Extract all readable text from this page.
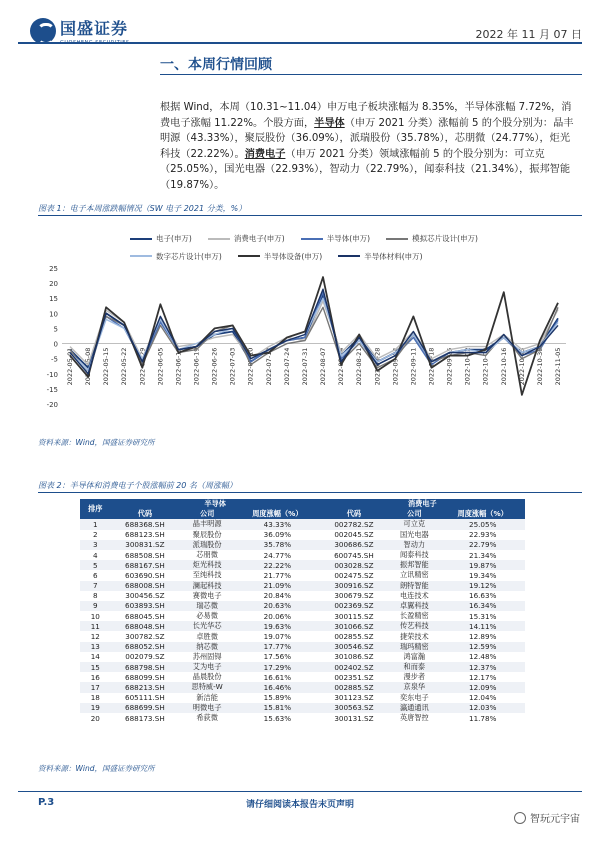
国盛证券	2022 年 11 月 07 日
一、本周行情回顾
根据 Wind，本周（10.31~11.04）申万电子板块涨幅为 8.35%，半导体涨幅 7.72%，消费电子涨幅 11.22%。个股方面，半导体（申万 2021 分类）涨幅前 5 的个股分别为：晶丰明源（43.33%），聚辰股份（36.09%），派瑞股份（35.78%），芯朋微（24.77%），炬光科技（22.22%）。消费电子（申万 2021 分类）领域涨幅前 5 的个股分别为：可立克（25.05%），国光电器（22.93%），智动力（22.79%），闻泰科技（21.34%），振邦智能（19.87%）。
图表 1：电子本周涨跌幅情况（SW 电子 2021 分类，%）
电子(申万)	消费电子(申万)	半导体(申万)	模拟芯片设计(申万)
数字芯片设计(申万)	半导体设备(申万)	半导体材料(申万)
25
20
15
10
5
0
-5
-10
-15
-20
2022-05-01 2022-05-08 2022-05-15 2022-05-22 2022-05-29 2022-06-05 2022-06-12 2022-06-19 2022-06-26 2022-07-03 2022-07-10 2022-07-17 2022-07-24 2022-07-31 2022-08-07 2022-08-14 2022-08-21 2022-08-28 2022-09-04 2022-09-11 2022-09-18 2022-09-25 2022-10-02 2022-10-09 2022-10-16 2022-10-23 2022-10-30 2022-11-05
资料来源：Wind，国盛证券研究所
图表 2：半导体和消费电子个股涨幅前 20 名（周涨幅）
排序	半导体			消费电子		
	代码	公司	周度涨幅（%）	代码	公司	周度涨幅（%）
1	688368.SH	晶丰明源	43.33%	002782.SZ	可立克	25.05%
2	688123.SH	聚辰股份	36.09%	002045.SZ	国光电器	22.93%
3	300831.SZ	派瑞股份	35.78%	300686.SZ	智动力	22.79%
4	688508.SH	芯朋微	24.77%	600745.SH	闻泰科技	21.34%
5	688167.SH	炬光科技	22.22%	003028.SZ	振邦智能	19.87%
6	603690.SH	至纯科技	21.77%	002475.SZ	立讯精密	19.34%
7	688008.SH	澜起科技	21.09%	300916.SZ	朗特智能	19.12%
8	300456.SZ	赛微电子	20.84%	300679.SZ	电连技术	16.63%
9	603893.SH	瑞芯微	20.63%	002369.SZ	卓翼科技	16.34%
10	688045.SH	必易微	20.06%	300115.SZ	长盈精密	15.31%
11	688048.SH	长光华芯	19.63%	301066.SZ	传艺科技	14.11%
12	300782.SZ	卓胜微	19.07%	002855.SZ	捷荣技术	12.89%
13	688052.SH	纳芯微	17.77%	300546.SZ	瑞玛精密	12.59%
14	002079.SZ	苏州固锝	17.56%	301086.SZ	鸿富瀚	12.48%
15	688798.SH	艾为电子	17.29%	002402.SZ	和而泰	12.37%
16	688099.SH	晶晨股份	16.61%	002351.SZ	漫步者	12.17%
17	688213.SH	思特威-W	16.46%	002885.SZ	京泉华	12.09%
18	605111.SH	新洁能	15.89%	301123.SZ	奕东电子	12.04%
19	688699.SH	明微电子	15.81%	300563.SZ	瀛通通讯	12.03%
20	688173.SH	希荻微	15.63%	300131.SZ	英唐智控	11.78%
资料来源：Wind，国盛证券研究所
请仔细阅读本报告末页声明
P.3
智玩元宇宙
